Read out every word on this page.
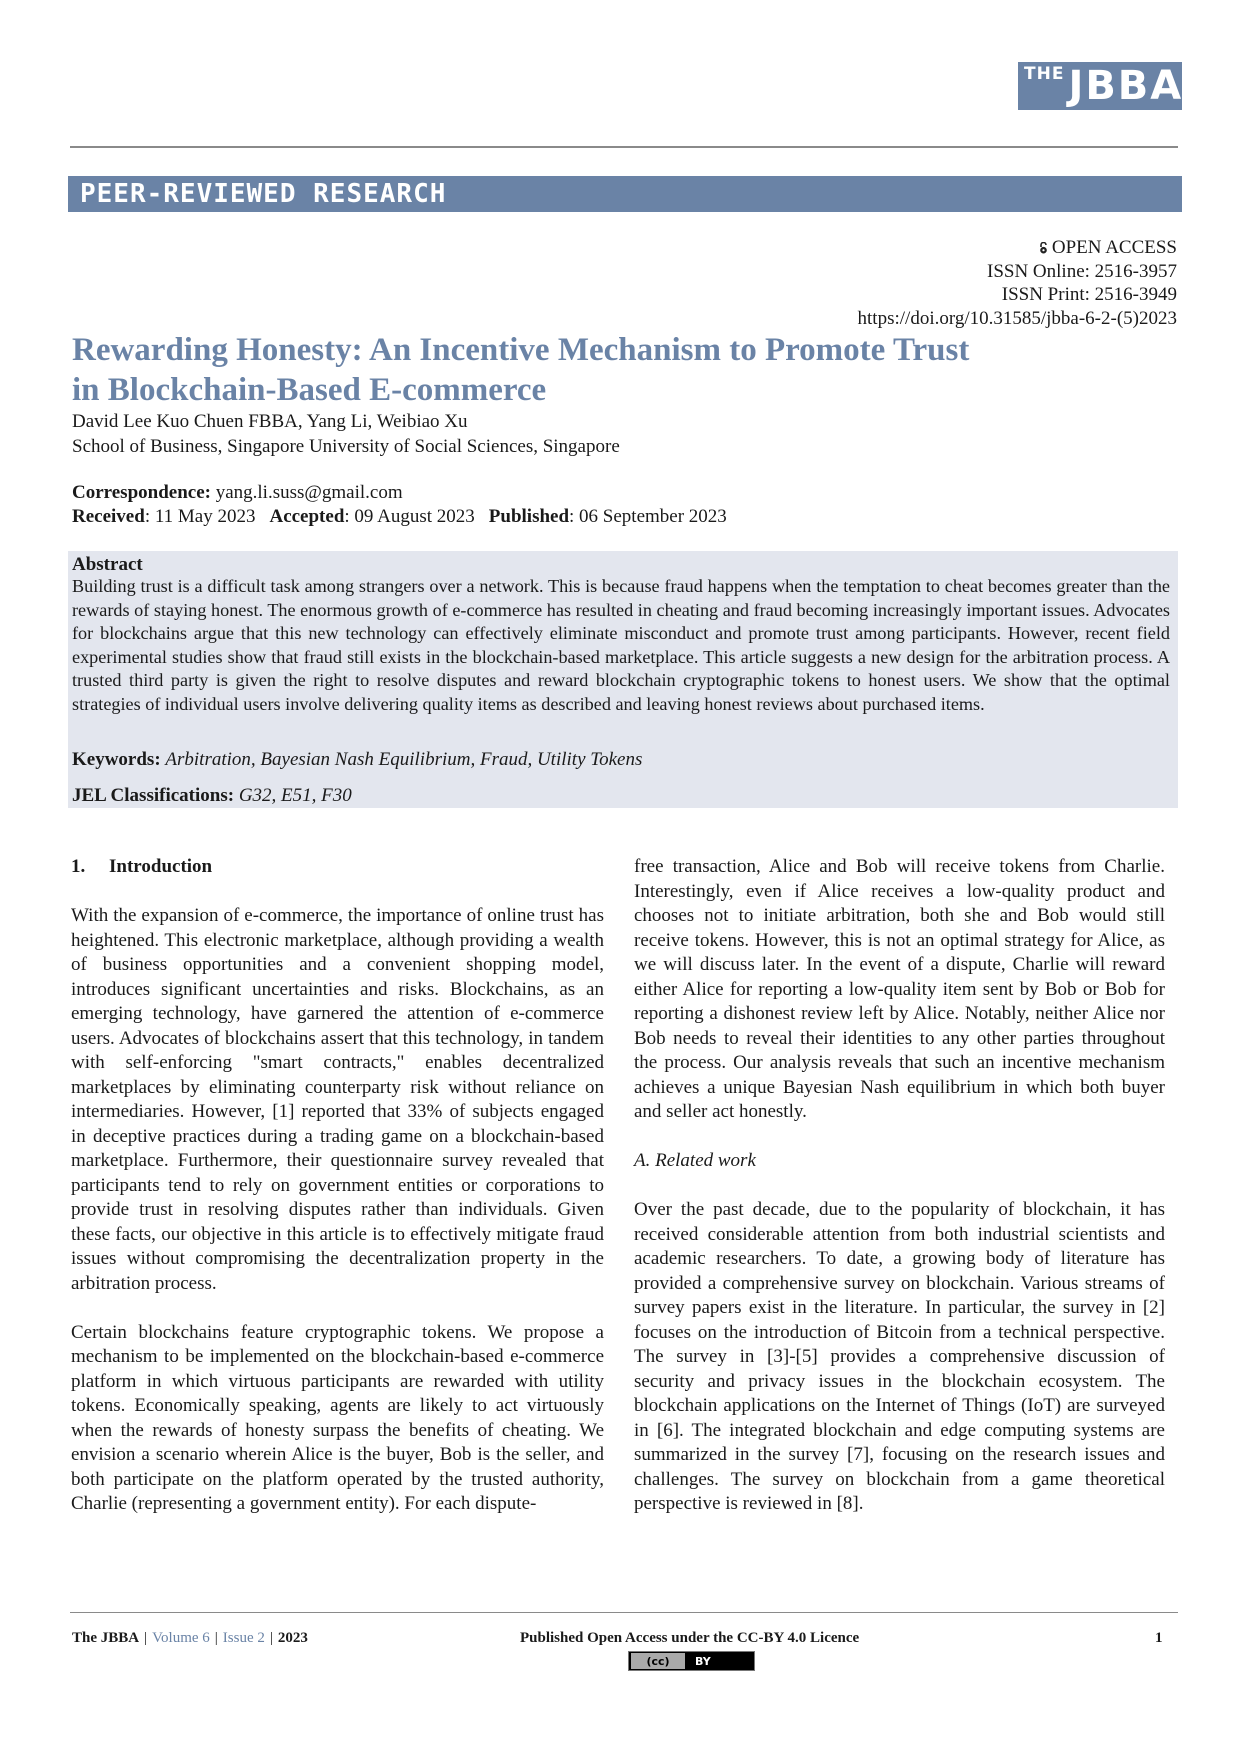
THE JBBA
PEER-REVIEWED RESEARCH
OPEN ACCESS
ISSN Online: 2516-3957
ISSN Print: 2516-3949
https://doi.org/10.31585/jbba-6-2-(5)2023
Rewarding Honesty: An Incentive Mechanism to Promote Trust
in Blockchain-Based E-commerce
David Lee Kuo Chuen FBBA, Yang Li, Weibiao Xu
School of Business, Singapore University of Social Sciences, Singapore
Correspondence: yang.li.suss@gmail.com
Received: 11 May 2023 Accepted: 09 August 2023 Published: 06 September 2023
Abstract
Building trust is a difficult task among strangers over a network. This is because fraud happens when the temptation to cheat becomes greater than the rewards of staying honest. The enormous growth of e-commerce has resulted in cheating and fraud becoming increasingly important issues. Advocates for blockchains argue that this new technology can effectively eliminate misconduct and promote trust among participants. However, recent field experimental studies show that fraud still exists in the blockchain-based marketplace. This article suggests a new design for the arbitration process. A trusted third party is given the right to resolve disputes and reward blockchain cryptographic tokens to honest users. We show that the optimal strategies of individual users involve delivering quality items as described and leaving honest reviews about purchased items.
Keywords: Arbitration, Bayesian Nash Equilibrium, Fraud, Utility Tokens
JEL Classifications: G32, E51, F30

1. Introduction

With the expansion of e-commerce, the importance of online trust has heightened. This electronic marketplace, although providing a wealth of business opportunities and a convenient shopping model, introduces significant uncertainties and risks. Blockchains, as an emerging technology, have garnered the attention of e-commerce users. Advocates of blockchains assert that this technology, in tandem with self-enforcing "smart contracts," enables decentralized marketplaces by eliminating counterparty risk without reliance on intermediaries. However, [1] reported that 33% of subjects engaged in deceptive practices during a trading game on a blockchain-based marketplace. Furthermore, their questionnaire survey revealed that participants tend to rely on government entities or corporations to provide trust in resolving disputes rather than individuals. Given these facts, our objective in this article is to effectively mitigate fraud issues without compromising the decentralization property in the arbitration process.

Certain blockchains feature cryptographic tokens. We propose a mechanism to be implemented on the blockchain-based e-commerce platform in which virtuous participants are rewarded with utility tokens. Economically speaking, agents are likely to act virtuously when the rewards of honesty surpass the benefits of cheating. We envision a scenario wherein Alice is the buyer, Bob is the seller, and both participate on the platform operated by the trusted authority, Charlie (representing a government entity). For each dispute-

free transaction, Alice and Bob will receive tokens from Charlie. Interestingly, even if Alice receives a low-quality product and chooses not to initiate arbitration, both she and Bob would still receive tokens. However, this is not an optimal strategy for Alice, as we will discuss later. In the event of a dispute, Charlie will reward either Alice for reporting a low-quality item sent by Bob or Bob for reporting a dishonest review left by Alice. Notably, neither Alice nor Bob needs to reveal their identities to any other parties throughout the process. Our analysis reveals that such an incentive mechanism achieves a unique Bayesian Nash equilibrium in which both buyer and seller act honestly.

A. Related work

Over the past decade, due to the popularity of blockchain, it has received considerable attention from both industrial scientists and academic researchers. To date, a growing body of literature has provided a comprehensive survey on blockchain. Various streams of survey papers exist in the literature. In particular, the survey in [2] focuses on the introduction of Bitcoin from a technical perspective. The survey in [3]-[5] provides a comprehensive discussion of security and privacy issues in the blockchain ecosystem. The blockchain applications on the Internet of Things (IoT) are surveyed in [6]. The integrated blockchain and edge computing systems are summarized in the survey [7], focusing on the research issues and challenges. The survey on blockchain from a game theoretical perspective is reviewed in [8].

The JBBA | Volume 6 | Issue 2 | 2023	Published Open Access under the CC-BY 4.0 Licence	1
(cc)	BY
